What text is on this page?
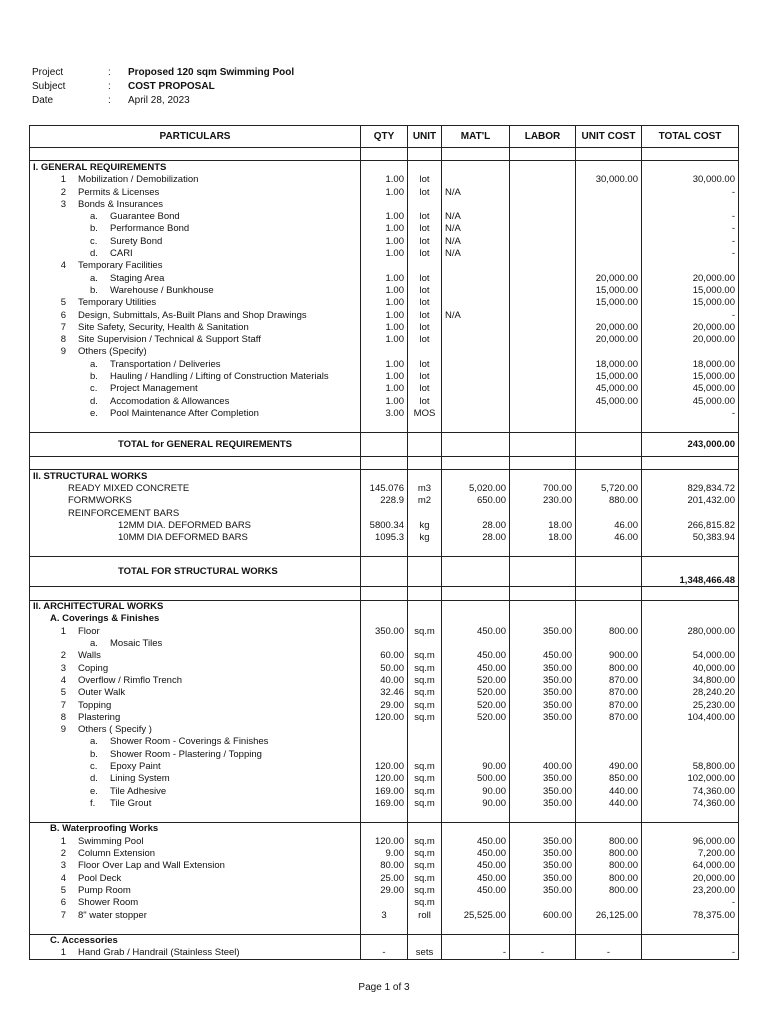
Project	:	Proposed 120 sqm Swimming Pool
Subject	:	COST PROPOSAL
Date	:	April 28, 2023
PARTICULARS	QTY	UNIT	MAT'L	LABOR	UNIT COST	TOTAL COST

I. GENERAL REQUIREMENTS						
1 Mobilization / Demobilization	1.00	lot			30,000.00	30,000.00
2 Permits & Licenses	1.00	lot	N/A			-
3 Bonds & Insurances						
a. Guarantee Bond	1.00	lot	N/A			-
b. Performance Bond	1.00	lot	N/A			-
c. Surety Bond	1.00	lot	N/A			-
d. CARI	1.00	lot	N/A			-
4 Temporary Facilities						
a. Staging Area	1.00	lot			20,000.00	20,000.00
b. Warehouse / Bunkhouse	1.00	lot			15,000.00	15,000.00
5 Temporary Utilities	1.00	lot			15,000.00	15,000.00
6 Design, Submittals, As-Built Plans and Shop Drawings	1.00	lot	N/A			-
7 Site Safety, Security, Health & Sanitation	1.00	lot			20,000.00	20,000.00
8 Site Supervision / Technical & Support Staff	1.00	lot			20,000.00	20,000.00
9 Others (Specify)						
a. Transportation / Deliveries	1.00	lot			18,000.00	18,000.00
b. Hauling / Handling / Lifting of Construction Materials	1.00	lot			15,000.00	15,000.00
c. Project Management	1.00	lot			45,000.00	45,000.00
d. Accomodation & Allowances	1.00	lot			45,000.00	45,000.00
e. Pool Maintenance After Completion	3.00	MOS				-

TOTAL for GENERAL REQUIREMENTS						243,000.00

II. STRUCTURAL WORKS						
READY MIXED CONCRETE	145.076	m3	5,020.00	700.00	5,720.00	829,834.72
FORMWORKS	228.9	m2	650.00	230.00	880.00	201,432.00
REINFORCEMENT BARS						
12MM DIA. DEFORMED BARS	5800.34	kg	28.00	18.00	46.00	266,815.82
10MM DIA DEFORMED BARS	1095.3	kg	28.00	18.00	46.00	50,383.94

TOTAL FOR STRUCTURAL WORKS						1,348,466.48

II. ARCHITECTURAL WORKS						
A. Coverings & Finishes						
1 Floor	350.00	sq.m	450.00	350.00	800.00	280,000.00
a. Mosaic Tiles						
2 Walls	60.00	sq.m	450.00	450.00	900.00	54,000.00
3 Coping	50.00	sq.m	450.00	350.00	800.00	40,000.00
4 Overflow / Rimflo Trench	40.00	sq.m	520.00	350.00	870.00	34,800.00
5 Outer Walk	32.46	sq.m	520.00	350.00	870.00	28,240.20
7 Topping	29.00	sq.m	520.00	350.00	870.00	25,230.00
8 Plastering	120.00	sq.m	520.00	350.00	870.00	104,400.00
9 Others ( Specify )						
a. Shower Room - Coverings & Finishes						
b. Shower Room - Plastering / Topping						
c. Epoxy Paint	120.00	sq.m	90.00	400.00	490.00	58,800.00
d. Lining System	120.00	sq.m	500.00	350.00	850.00	102,000.00
e. Tile Adhesive	169.00	sq.m	90.00	350.00	440.00	74,360.00
f. Tile Grout	169.00	sq.m	90.00	350.00	440.00	74,360.00

B. Waterproofing Works						
1 Swimming Pool	120.00	sq.m	450.00	350.00	800.00	96,000.00
2 Column Extension	9.00	sq.m	450.00	350.00	800.00	7,200.00
3 Floor Over Lap and Wall Extension	80.00	sq.m	450.00	350.00	800.00	64,000.00
4 Pool Deck	25.00	sq.m	450.00	350.00	800.00	20,000.00
5 Pump Room	29.00	sq.m	450.00	350.00	800.00	23,200.00
6 Shower Room		sq.m				-
7 8" water stopper	3	roll	25,525.00	600.00	26,125.00	78,375.00

C. Accessories						
1 Hand Grab / Handrail (Stainless Steel)	-	sets	-	-	-	-
Page 1 of 3
